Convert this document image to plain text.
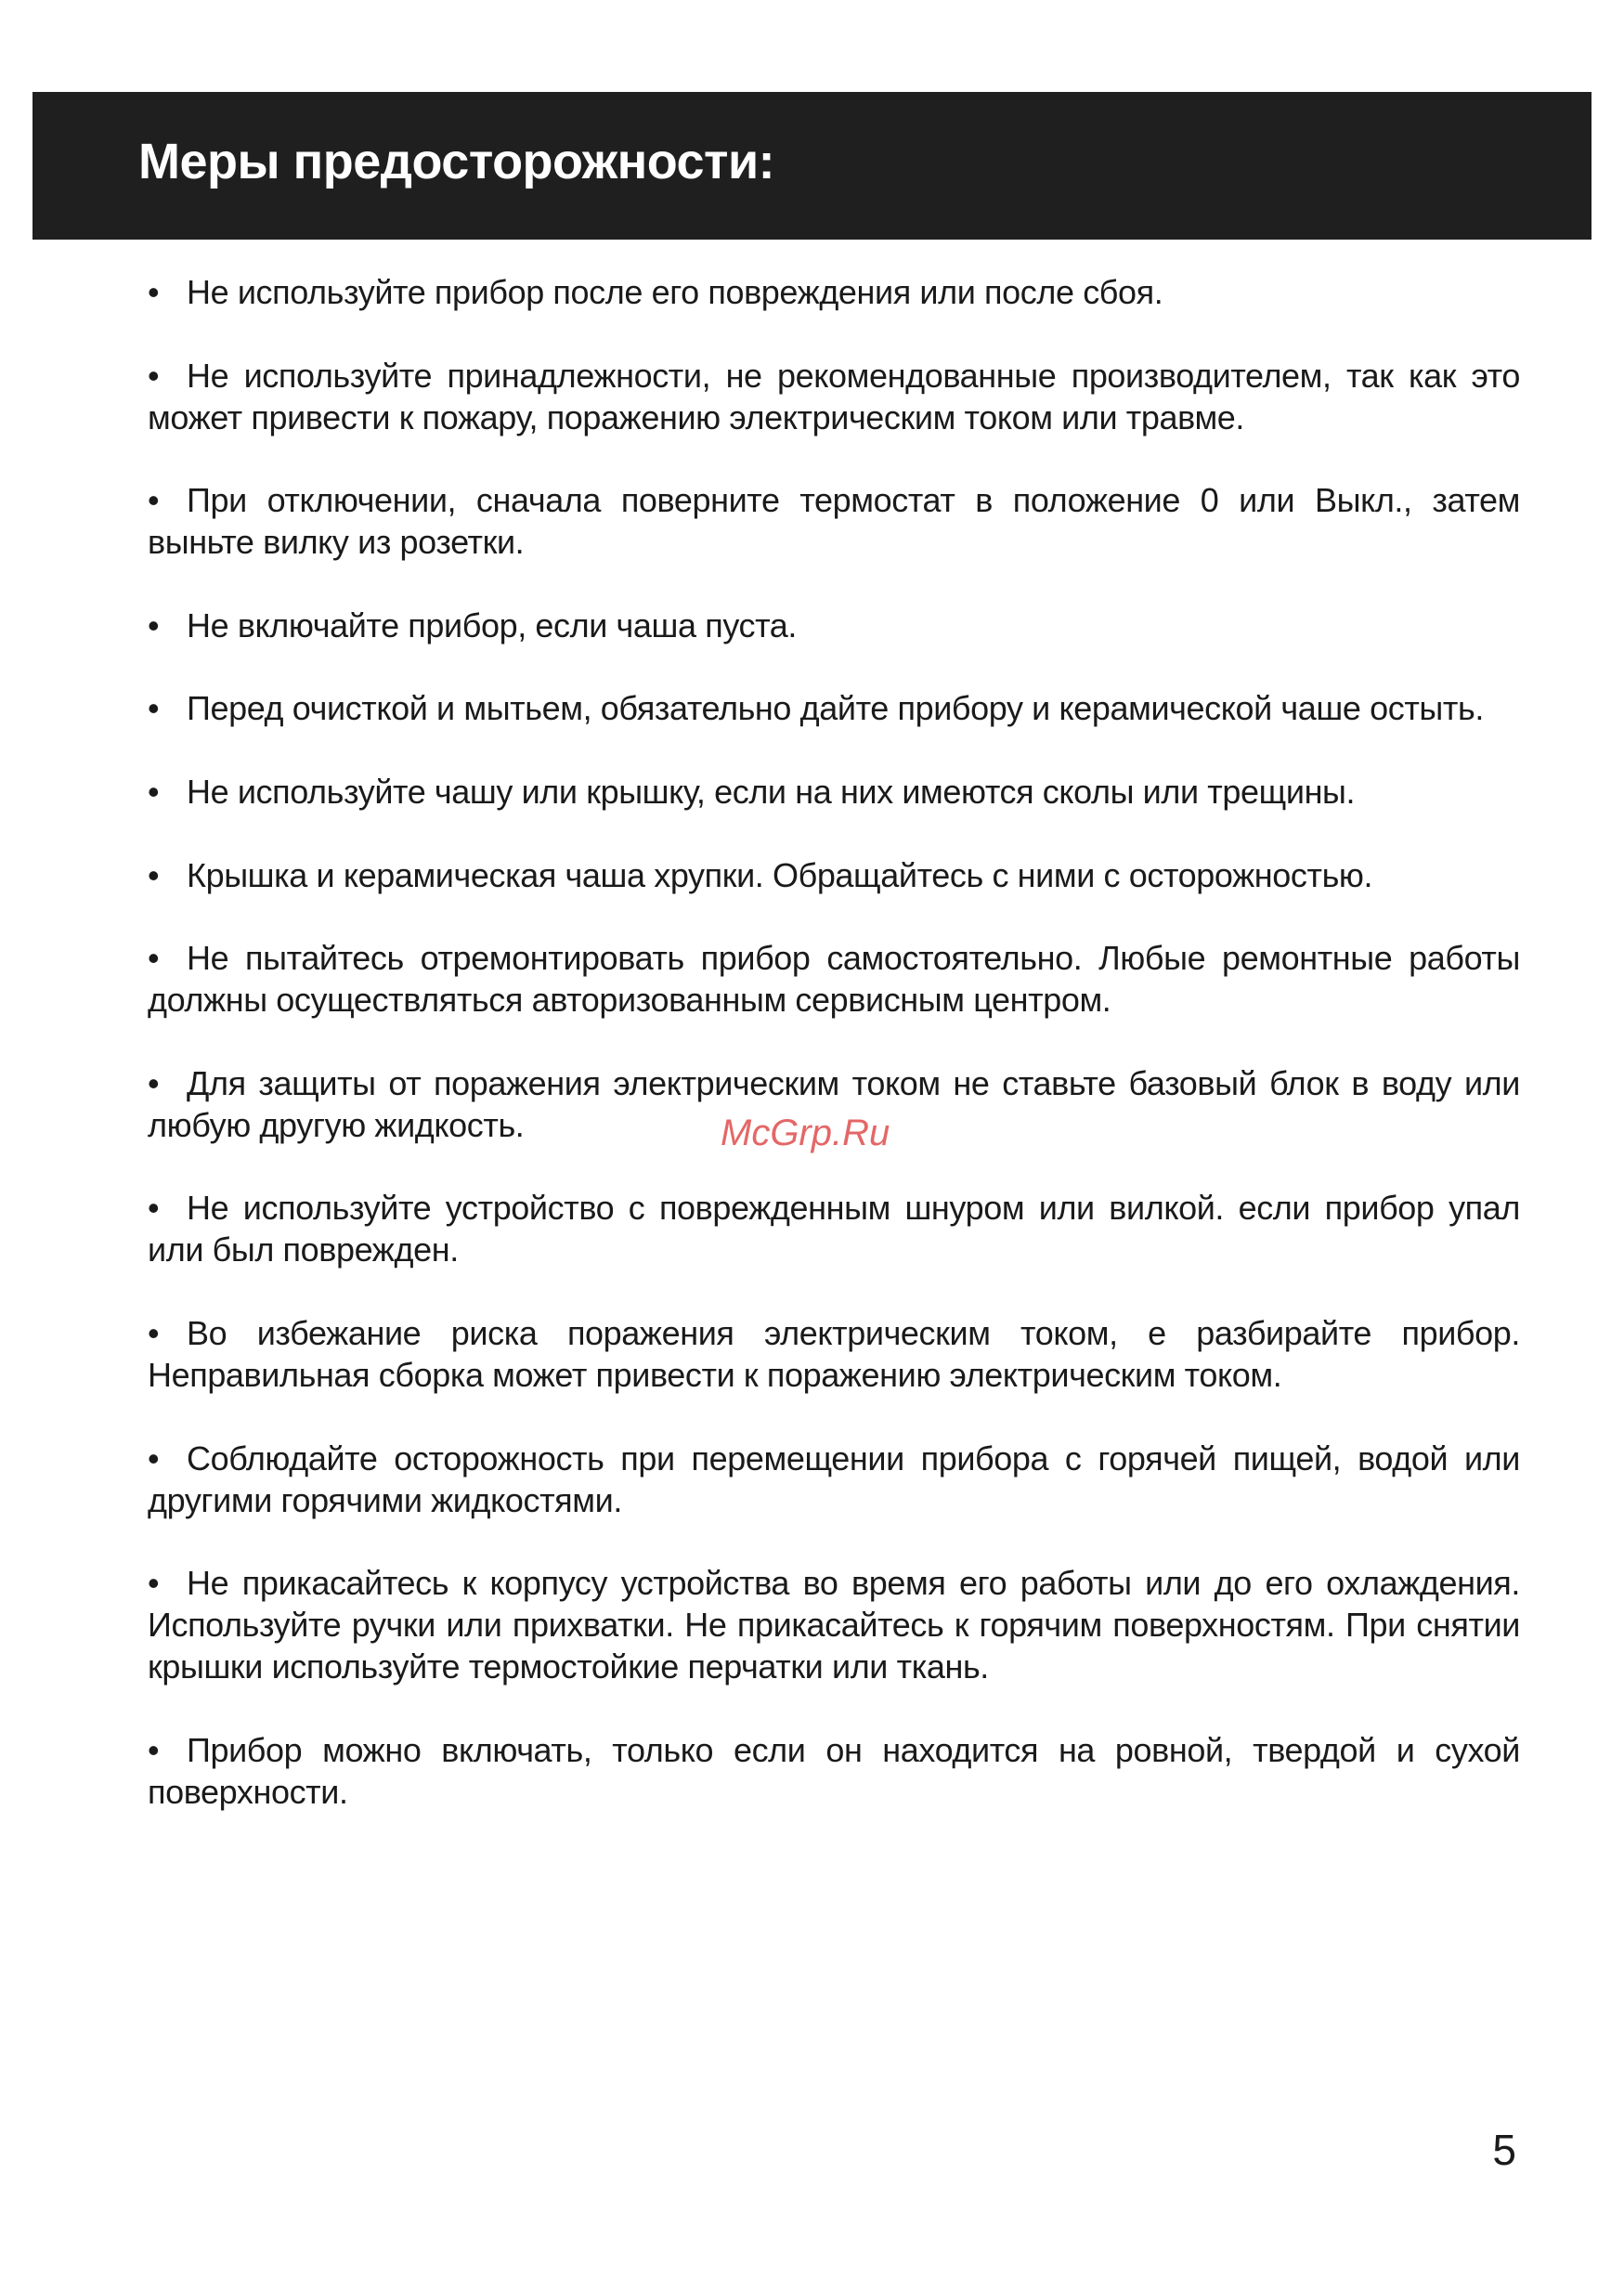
Меры предосторожности:
• Не используйте прибор после его повреждения или после сбоя.
• Не используйте принадлежности, не рекомендованные производителем, так как это может привести к пожару, поражению электрическим током или травме.
• При отключении, сначала поверните термостат в положение 0 или Выкл., затем выньте вилку из розетки.
• Не включайте прибор, если чаша пуста.
• Перед очисткой и мытьем, обязательно дайте прибору и керамической чаше остыть.
• Не используйте чашу или крышку, если на них имеются сколы или трещины.
• Крышка и керамическая чаша хрупки. Обращайтесь с ними с осторожностью.
• Не пытайтесь отремонтировать прибор самостоятельно. Любые ремонтные работы должны осуществляться авторизованным сервисным центром.
• Для защиты от поражения электрическим током не ставьте базовый блок в воду или любую другую жидкость.
• Не используйте устройство с поврежденным шнуром или вилкой. если прибор упал или был поврежден.
• Во избежание риска поражения электрическим током, е разбирайте прибор. Неправильная сборка может привести к поражению электрическим током.
• Соблюдайте осторожность при перемещении прибора с горячей пищей, водой или другими горячими жидкостями.
• Не прикасайтесь к корпусу устройства во время его работы или до его охлаждения. Используйте ручки или прихватки. Не прикасайтесь к горячим поверхностям. При снятии крышки используйте термостойкие перчатки или ткань.
• Прибор можно включать, только если он находится на ровной, твердой и сухой поверхности.
McGrp.Ru
5
